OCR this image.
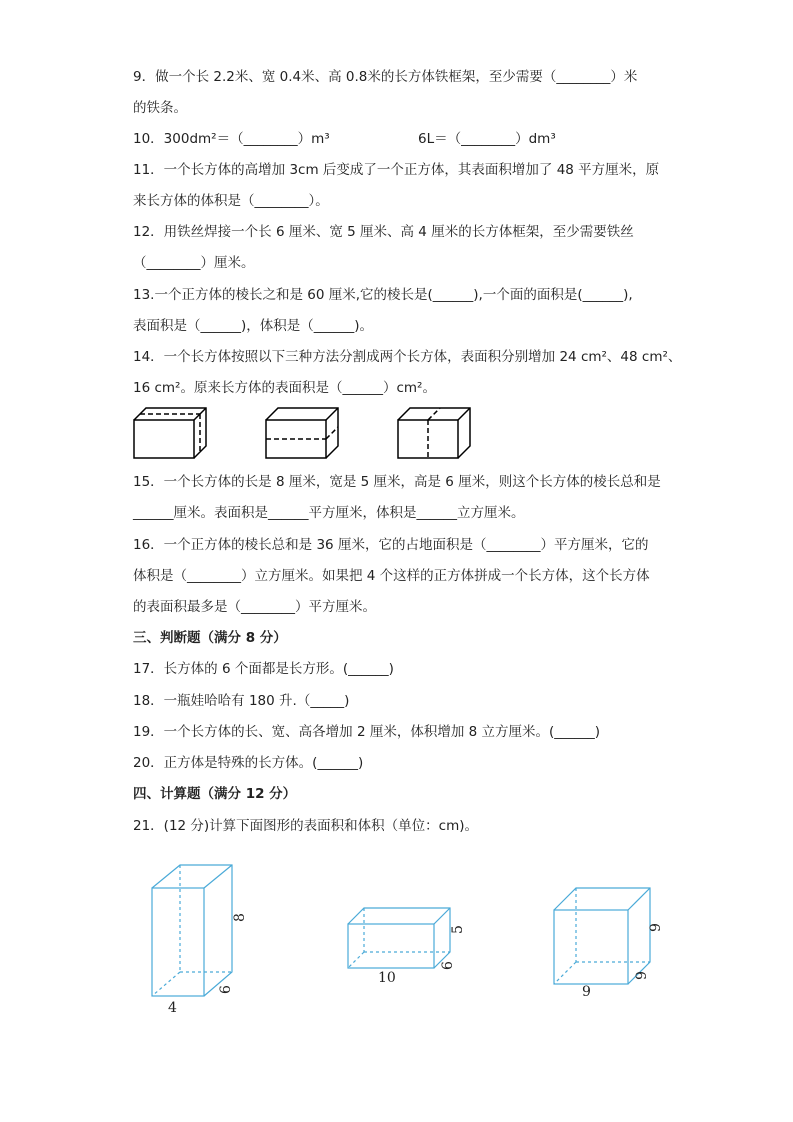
9．做一个长 2.2米、宽 0.4米、高 0.8米的长方体铁框架，至少需要（________）米
的铁条。
10．300dm²＝（________）m³	6L＝（________）dm³
11．一个长方体的高增加 3cm 后变成了一个正方体，其表面积增加了 48 平方厘米，原
来长方体的体积是（________）。
12．用铁丝焊接一个长 6 厘米、宽 5 厘米、高 4 厘米的长方体框架，至少需要铁丝
（________）厘米。
13.一个正方体的棱长之和是 60 厘米,它的棱长是(______),一个面的面积是(______),
表面积是（______)，体积是（______)。
14．一个长方体按照以下三种方法分割成两个长方体，表面积分别增加 24 cm²、48 cm²、
16 cm²。原来长方体的表面积是（______）cm²。
15．一个长方体的长是 8 厘米，宽是 5 厘米，高是 6 厘米，则这个长方体的棱长总和是
______厘米。表面积是______平方厘米，体积是______立方厘米。
16．一个正方体的棱长总和是 36 厘米，它的占地面积是（________）平方厘米，它的
体积是（________）立方厘米。如果把 4 个这样的正方体拼成一个长方体，这个长方体
的表面积最多是（________）平方厘米。
三、判断题（满分 8 分）
17．长方体的 6 个面都是长方形。(______)
18．一瓶娃哈哈有 180 升.（_____)
19．一个长方体的长、宽、高各增加 2 厘米，体积增加 8 立方厘米。(______)
20．正方体是特殊的长方体。(______)
四、计算题（满分 12 分）
21．(12 分)计算下面图形的表面积和体积（单位：cm)。
8
4
6
5
10
6
9
9
9
